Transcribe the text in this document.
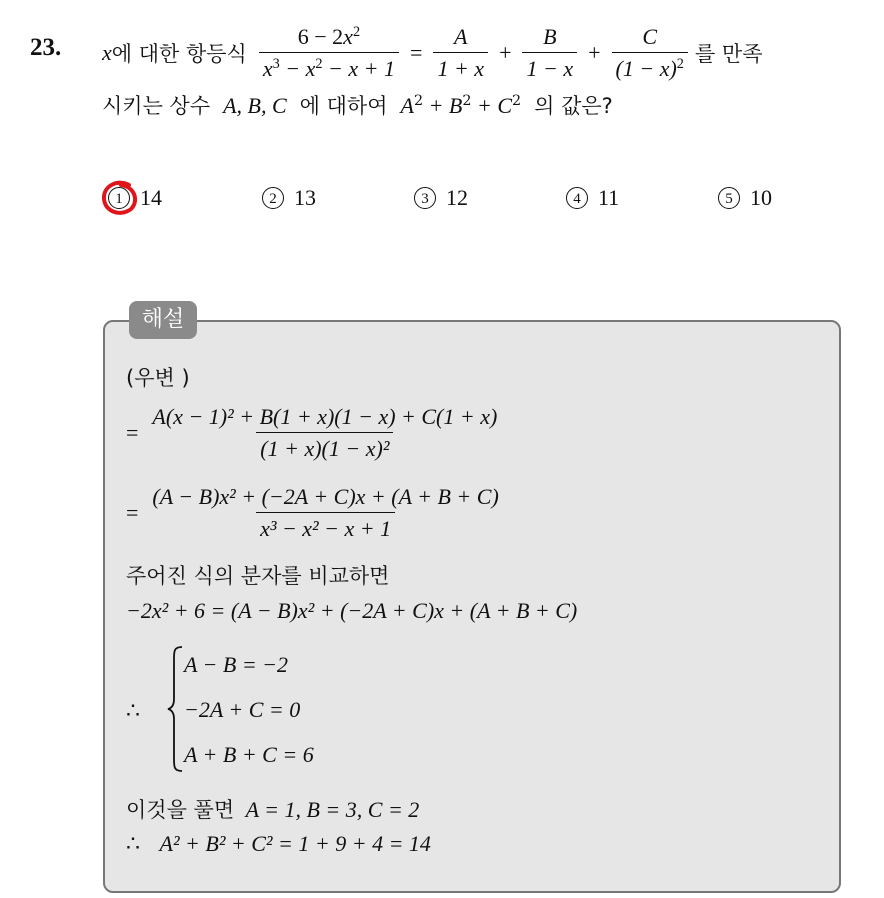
23. x 에 대한 항등식 $\frac{6 - 2x^2}{x^3 - x^2 - x + 1} = \frac{A}{1 + x} + \frac{B}{1 - x} + \frac{C}{(1 - x)^2}$ 를 만족
시키는 상수 A, B, C 에 대하여 $A^2 + B^2 + C^2$ 의 값은?
1 14	2 13	3 12	4 11	5 10
해설
(우변 )
= $\frac{\text{A(x − 1)² + B(1 + x)(1 − x) + C(1 + x)}}{\text{(1 + x)(1 − x)²}}$
= $\frac{\text{(A − B)x² + (−2A + C)x + (A + B + C)}}{\text{x³ − x² − x + 1}}$
주어진 식의 분자를 비교하면
−2x² + 6 = (A − B)x² + (−2A + C)x + (A + B + C)
∴
A − B = −2
−2A + C = 0
A + B + C = 6
이것을 풀면 A = 1, B = 3, C = 2
∴ A² + B² + C² = 1 + 9 + 4 = 14
